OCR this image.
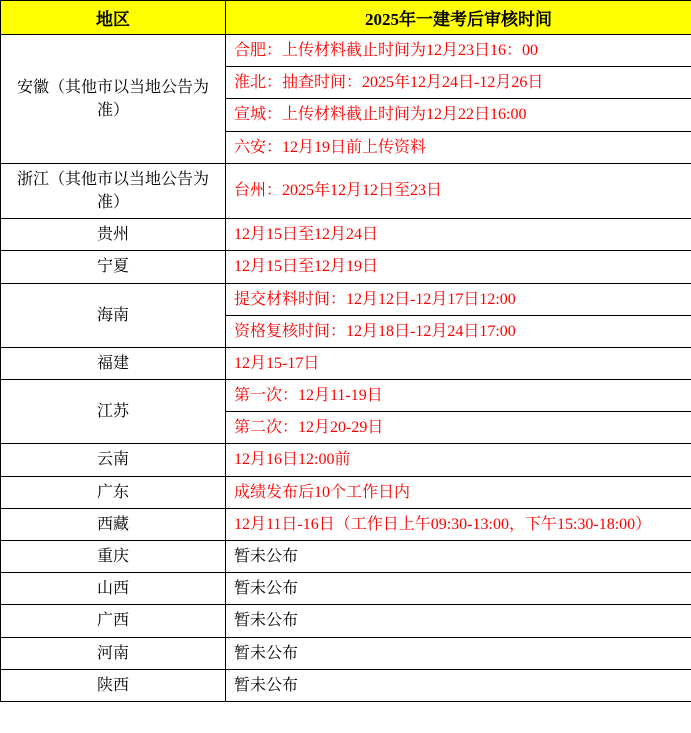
地区	2025年一建考后审核时间
安徽（其他市以当地公告为准）	合肥：上传材料截止时间为12月23日16：00
	淮北：抽查时间：2025年12月24日-12月26日
	宣城：上传材料截止时间为12月22日16:00
	六安：12月19日前上传资料
浙江（其他市以当地公告为准）	台州：2025年12月12日至23日
贵州	12月15日至12月24日
宁夏	12月15日至12月19日
海南	提交材料时间：12月12日-12月17日12:00
	资格复核时间：12月18日-12月24日17:00
福建	12月15-17日
江苏	第一次：12月11-19日
	第二次：12月20-29日
云南	12月16日12:00前
广东	成绩发布后10个工作日内
西藏	12月11日-16日（工作日上午09:30-13:00，下午15:30-18:00）
重庆	暂未公布
山西	暂未公布
广西	暂未公布
河南	暂未公布
陕西	暂未公布
